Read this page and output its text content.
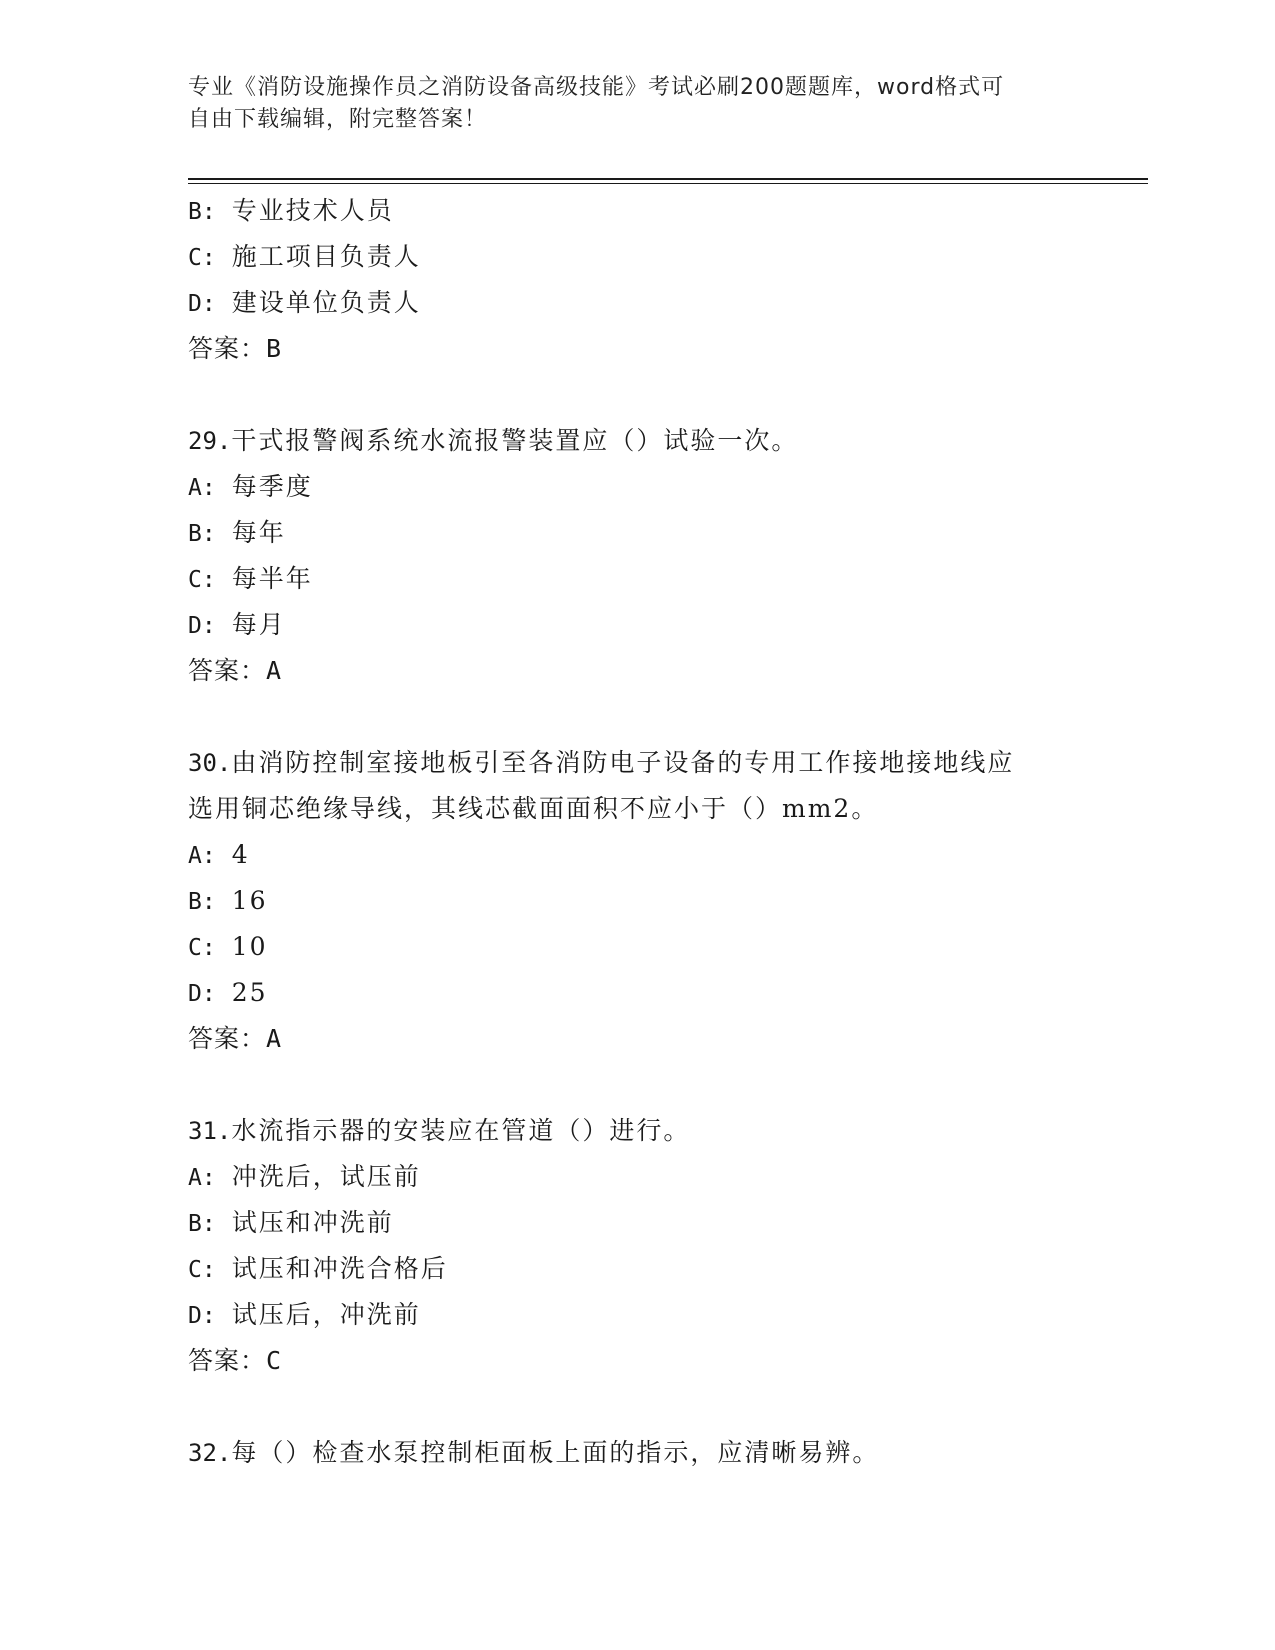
专业《消防设施操作员之消防设备高级技能》考试必刷200题题库，word格式可
自由下载编辑，附完整答案！
B: 专业技术人员
C: 施工项目负责人
D: 建设单位负责人
答案：B
29.干式报警阀系统水流报警装置应（）试验一次。
A: 每季度
B: 每年
C: 每半年
D: 每月
答案：A
30.由消防控制室接地板引至各消防电子设备的专用工作接地接地线应
选用铜芯绝缘导线，其线芯截面面积不应小于（）mm2。
A: 4
B: 16
C: 10
D: 25
答案：A
31.水流指示器的安装应在管道（）进行。
A: 冲洗后，试压前
B: 试压和冲洗前
C: 试压和冲洗合格后
D: 试压后，冲洗前
答案：C
32.每（）检查水泵控制柜面板上面的指示，应清晰易辨。
